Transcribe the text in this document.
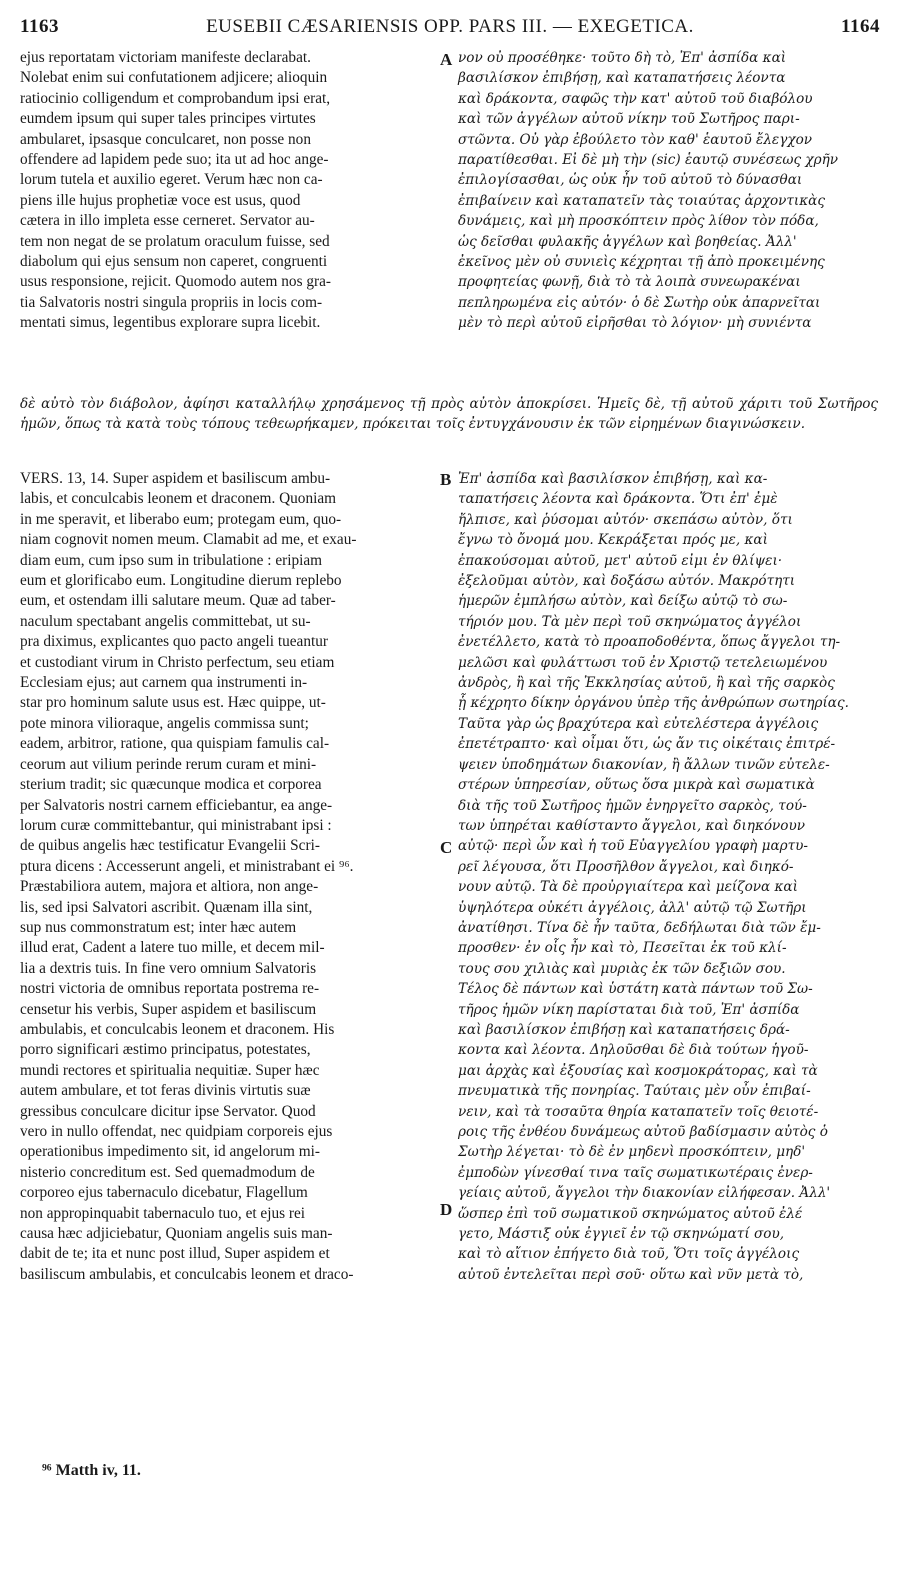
1163	EUSEBII CÆSARIENSIS OPP. PARS III. — EXEGETICA.	1164

ejus reportatam victoriam manifeste declarabat.

Nolebat enim sui confutationem adjicere; alioquin

ratiocinio colligendum et comprobandum ipsi erat,

eumdem ipsum qui super tales principes virtutes

ambularet, ipsasque conculcaret, non posse non

offendere ad lapidem pede suo; ita ut ad hoc ange-

lorum tutela et auxilio egeret. Verum hæc non ca-

piens ille hujus prophetiæ voce est usus, quod

cætera in illo impleta esse cerneret. Servator au-

tem non negat de se prolatum oraculum fuisse, sed

diabolum qui ejus sensum non caperet, congruenti

usus responsione, rejicit. Quomodo autem nos gra-

tia Salvatoris nostri singula propriis in locis com-

mentati simus, legentibus explorare supra licebit.

νον οὐ προσέθηκε· τοῦτο δὴ τὸ, Ἐπ' ἀσπίδα καὶ

βασιλίσκον ἐπιβήσῃ, καὶ καταπατήσεις λέοντα

καὶ δράκοντα, σαφῶς τὴν κατ' αὐτοῦ τοῦ διαβόλου

καὶ τῶν ἀγγέλων αὐτοῦ νίκην τοῦ Σωτῆρος παρι-

στῶντα. Οὐ γὰρ ἐβούλετο τὸν καθ' ἑαυτοῦ ἔλεγχον

παρατίθεσθαι. Εἰ δὲ μὴ τὴν (sic) ἑαυτῷ συνέσεως χρῆν

ἐπιλογίσασθαι, ὡς οὐκ ἦν τοῦ αὐτοῦ τὸ δύνασθαι

ἐπιβαίνειν καὶ καταπατεῖν τὰς τοιαύτας ἀρχοντικὰς

δυνάμεις, καὶ μὴ προσκόπτειν πρὸς λίθον τὸν πόδα,

ὡς δεῖσθαι φυλακῆς ἀγγέλων καὶ βοηθείας. Ἀλλ'

ἐκεῖνος μὲν οὐ συνιεὶς κέχρηται τῇ ἀπὸ προκειμένης

προφητείας φωνῇ, διὰ τὸ τὰ λοιπὰ συνεωρακέναι

πεπληρωμένα εἰς αὐτόν· ὁ δὲ Σωτὴρ οὐκ ἀπαρνεῖται

μὲν τὸ περὶ αὐτοῦ εἰρῆσθαι τὸ λόγιον· μὴ συνιέντα

δὲ αὐτὸ τὸν διάβολον, ἀφίησι καταλλήλῳ χρησάμενος τῇ πρὸς αὐτὸν ἀποκρίσει. Ἡμεῖς δὲ, τῇ αὐτοῦ χάριτι τοῦ Σωτῆρος ἡμῶν, ὅπως τὰ κατὰ τοὺς τόπους τεθεωρήκαμεν, πρόκειται τοῖς ἐντυγχάνουσιν ἐκ τῶν εἰρημένων διαγινώσκειν.

VERS. 13, 14. Super aspidem et basiliscum ambu-

labis, et conculcabis leonem et draconem. Quoniam

in me speravit, et liberabo eum; protegam eum, quo-

niam cognovit nomen meum. Clamabit ad me, et exau-

diam eum, cum ipso sum in tribulatione : eripiam

eum et glorificabo eum. Longitudine dierum replebo

eum, et ostendam illi salutare meum. Quæ ad taber-

naculum spectabant angelis committebat, ut su-

pra diximus, explicantes quo pacto angeli tueantur

et custodiant virum in Christo perfectum, seu etiam

Ecclesiam ejus; aut carnem qua instrumenti in-

star pro hominum salute usus est. Hæc quippe, ut-

pote minora vilioraque, angelis commissa sunt;

eadem, arbitror, ratione, qua quispiam famulis cal-

ceorum aut vilium perinde rerum curam et mini-

sterium tradit; sic quæcunque modica et corporea

per Salvatoris nostri carnem efficiebantur, ea ange-

lorum curæ committebantur, qui ministrabant ipsi :

de quibus angelis hæc testificatur Evangelii Scri-

ptura dicens : Accesserunt angeli, et ministrabant ei ⁹⁶.

Præstabiliora autem, majora et altiora, non ange-

lis, sed ipsi Salvatori ascribit. Quænam illa sint,

sup nus commonstratum est; inter hæc autem

illud erat, Cadent a latere tuo mille, et decem mil-

lia a dextris tuis. In fine vero omnium Salvatoris

nostri victoria de omnibus reportata postrema re-

censetur his verbis, Super aspidem et basiliscum

ambulabis, et conculcabis leonem et draconem. His

porro significari æstimo principatus, potestates,

mundi rectores et spiritualia nequitiæ. Super hæc

autem ambulare, et tot feras divinis virtutis suæ

gressibus conculcare dicitur ipse Servator. Quod

vero in nullo offendat, nec quidpiam corporeis ejus

operationibus impedimento sit, id angelorum mi-

nisterio concreditum est. Sed quemadmodum de

corporeo ejus tabernaculo dicebatur, Flagellum

non appropinquabit tabernaculo tuo, et ejus rei

causa hæc adjiciebatur, Quoniam angelis suis man-

dabit de te; ita et nunc post illud, Super aspidem et

basiliscum ambulabis, et conculcabis leonem et draco-

Ἐπ' ἀσπίδα καὶ βασιλίσκον ἐπιβήσῃ, καὶ κα-

ταπατήσεις λέοντα καὶ δράκοντα. Ὅτι ἐπ' ἐμὲ

ἤλπισε, καὶ ῥύσομαι αὐτόν· σκεπάσω αὐτὸν, ὅτι

ἔγνω τὸ ὄνομά μου. Κεκράξεται πρός με, καὶ

ἐπακούσομαι αὐτοῦ, μετ' αὐτοῦ εἰμι ἐν θλίψει·

ἐξελοῦμαι αὐτὸν, καὶ δοξάσω αὐτόν. Μακρότητι

ἡμερῶν ἐμπλήσω αὐτὸν, καὶ δείξω αὐτῷ τὸ σω-

τήριόν μου. Τὰ μὲν περὶ τοῦ σκηνώματος ἀγγέλοι

ἐνετέλλετο, κατὰ τὸ προαποδοθέντα, ὅπως ἄγγελοι τη-

μελῶσι καὶ φυλάττωσι τοῦ ἐν Χριστῷ τετελειωμένου

ἀνδρὸς, ἢ καὶ τῆς Ἐκκλησίας αὐτοῦ, ἢ καὶ τῆς σαρκὸς

ᾗ κέχρητο δίκην ὀργάνου ὑπὲρ τῆς ἀνθρώπων σωτηρίας.

Ταῦτα γὰρ ὡς βραχύτερα καὶ εὐτελέστερα ἀγγέλοις

ἐπετέτραπτο· καὶ οἶμαι ὅτι, ὡς ἄν τις οἰκέταις ἐπιτρέ-

ψειεν ὑποδημάτων διακονίαν, ἢ ἄλλων τινῶν εὐτελε-

στέρων ὑπηρεσίαν, οὕτως ὅσα μικρὰ καὶ σωματικὰ

διὰ τῆς τοῦ Σωτῆρος ἡμῶν ἐνηργεῖτο σαρκὸς, τού-

των ὑπηρέται καθίσταντο ἄγγελοι, καὶ διηκόνουν

αὐτῷ· περὶ ὧν καὶ ἡ τοῦ Εὐαγγελίου γραφὴ μαρτυ-

ρεῖ λέγουσα, ὅτι Προσῆλθον ἄγγελοι, καὶ διηκό-

νουν αὐτῷ. Τὰ δὲ προὐργιαίτερα καὶ μείζονα καὶ

ὑψηλότερα οὐκέτι ἀγγέλοις, ἀλλ' αὐτῷ τῷ Σωτῆρι

ἀνατίθησι. Τίνα δὲ ἦν ταῦτα, δεδήλωται διὰ τῶν ἔμ-

προσθεν· ἐν οἷς ἦν καὶ τὸ, Πεσεῖται ἐκ τοῦ κλί-

τους σου χιλιὰς καὶ μυριὰς ἐκ τῶν δεξιῶν σου.

Τέλος δὲ πάντων καὶ ὑστάτη κατὰ πάντων τοῦ Σω-

τῆρος ἡμῶν νίκη παρίσταται διὰ τοῦ, Ἐπ' ἀσπίδα

καὶ βασιλίσκον ἐπιβήσῃ καὶ καταπατήσεις δρά-

κοντα καὶ λέοντα. Δηλοῦσθαι δὲ διὰ τούτων ἡγοῦ-

μαι ἀρχὰς καὶ ἐξουσίας καὶ κοσμοκράτορας, καὶ τὰ

πνευματικὰ τῆς πονηρίας. Ταύταις μὲν οὖν ἐπιβαί-

νειν, καὶ τὰ τοσαῦτα θηρία καταπατεῖν τοῖς θειοτέ-

ροις τῆς ἐνθέου δυνάμεως αὐτοῦ βαδίσμασιν αὐτὸς ὁ

Σωτὴρ λέγεται· τὸ δὲ ἐν μηδενὶ προσκόπτειν, μηδ'

ἐμποδὼν γίνεσθαί τινα ταῖς σωματικωτέραις ἐνερ-

γείαις αὐτοῦ, ἄγγελοι τὴν διακονίαν εἰλήφεσαν. Ἀλλ'

ὥσπερ ἐπὶ τοῦ σωματικοῦ σκηνώματος αὐτοῦ ἐλέ

γετο, Μάστιξ οὐκ ἐγγιεῖ ἐν τῷ σκηνώματί σου,

καὶ τὸ αἴτιον ἐπήγετο διὰ τοῦ, Ὅτι τοῖς ἀγγέλοις

αὐτοῦ ἐντελεῖται περὶ σοῦ· οὕτω καὶ νῦν μετὰ τὸ,

A
B
C
D
⁹⁶ Matth iv, 11.
